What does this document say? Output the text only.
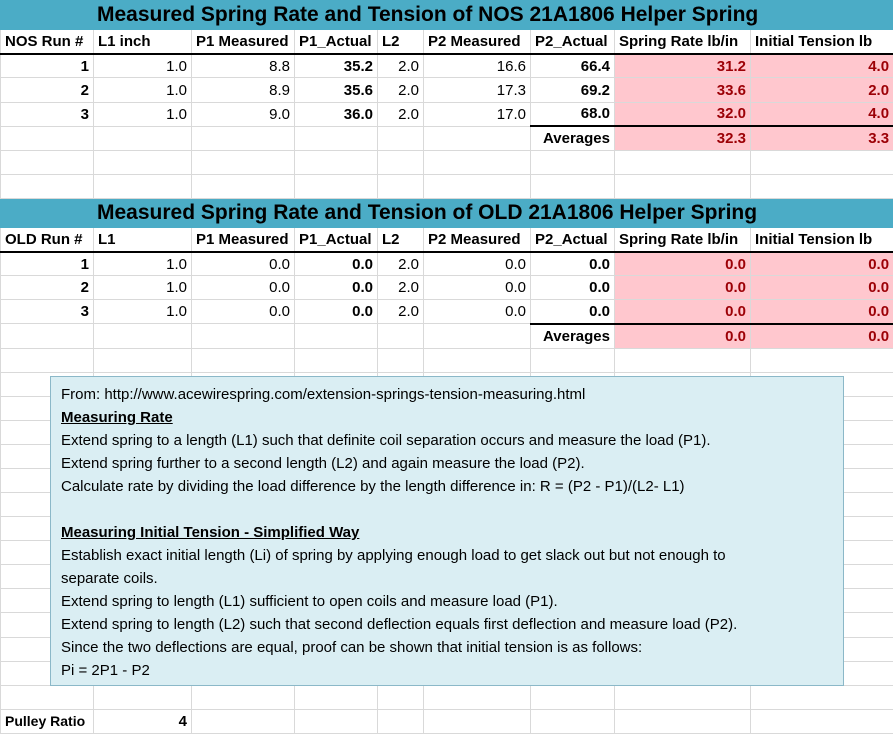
Measured Spring Rate and Tension of NOS 21A1806 Helper Spring								
NOS Run #	L1 inch	P1 Measured	P1_Actual	L2	P2 Measured	P2_Actual	Spring Rate lb/in	Initial Tension lb
1	1.0	8.8	35.2	2.0	16.6	66.4	31.2	4.0
2	1.0	8.9	35.6	2.0	17.3	69.2	33.6	2.0
3	1.0	9.0	36.0	2.0	17.0	68.0	32.0	4.0
						Averages	32.3	3.3

Measured Spring Rate and Tension of OLD 21A1806 Helper Spring								
OLD Run #	L1	P1 Measured	P1_Actual	L2	P2 Measured	P2_Actual	Spring Rate lb/in	Initial Tension lb
1	1.0	0.0	0.0	2.0	0.0	0.0	0.0	0.0
2	1.0	0.0	0.0	2.0	0.0	0.0	0.0	0.0
3	1.0	0.0	0.0	2.0	0.0	0.0	0.0	0.0
						Averages	0.0	0.0

Pulley Ratio	4							
From: http://www.acewirespring.com/extension-springs-tension-measuring.html
Measuring Rate
Extend spring to a length (L1) such that definite coil separation occurs and measure the load (P1).
Extend spring further to a second length (L2) and again measure the load (P2).
Calculate rate by dividing the load difference by the length difference in: R = (P2 - P1)/(L2- L1)
Measuring Initial Tension - Simplified Way
Establish exact initial length (Li) of spring by applying enough load to get slack out but not enough to
separate coils.
Extend spring to length (L1) sufficient to open coils and measure load (P1).
Extend spring to length (L2) such that second deflection equals first deflection and measure load (P2).
Since the two deflections are equal, proof can be shown that initial tension is as follows:
Pi = 2P1 - P2
